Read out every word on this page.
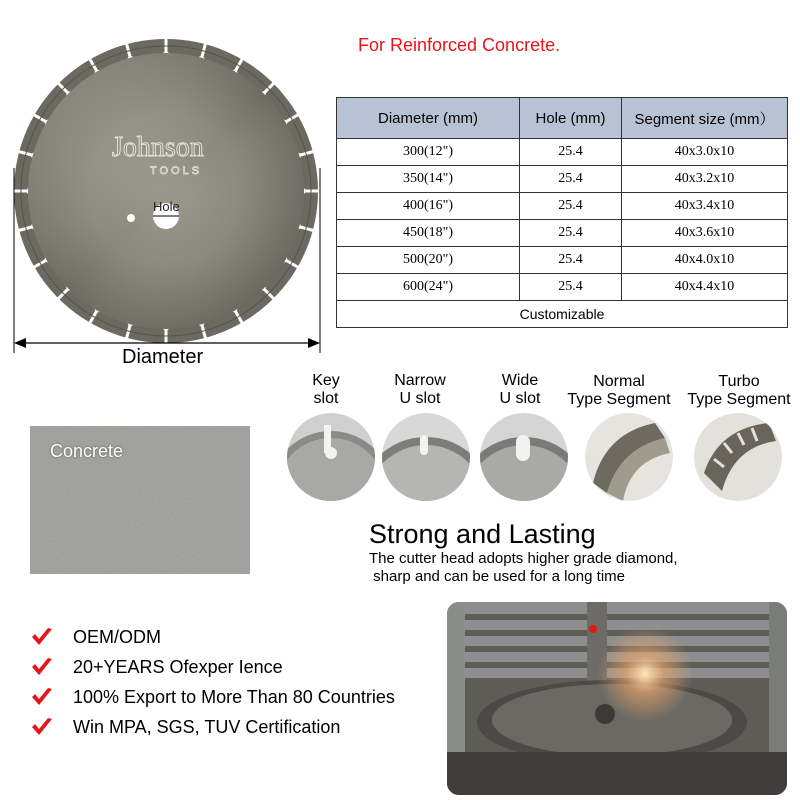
For Reinforced Concrete.
Johnson
TOOLS
Hole
Diameter
Diameter (mm)	Hole (mm)	Segment size (mm）
300(12")	25.4	40x3.0x10
350(14")	25.4	40x3.2x10
400(16")	25.4	40x3.4x10
450(18")	25.4	40x3.6x10
500(20")	25.4	40x4.0x10
600(24")	25.4	40x4.4x10
Customizable		
Key
slot
Narrow
U slot
Wide
U slot
Normal
Type Segment
Turbo
Type Segment
Concrete
Strong and Lasting
The cutter head adopts higher grade diamond,
sharp and can be used for a long time
OEM/ODM
20+YEARS Ofexper Ience
100% Export to More Than 80 Countries
Win MPA, SGS, TUV Certification
